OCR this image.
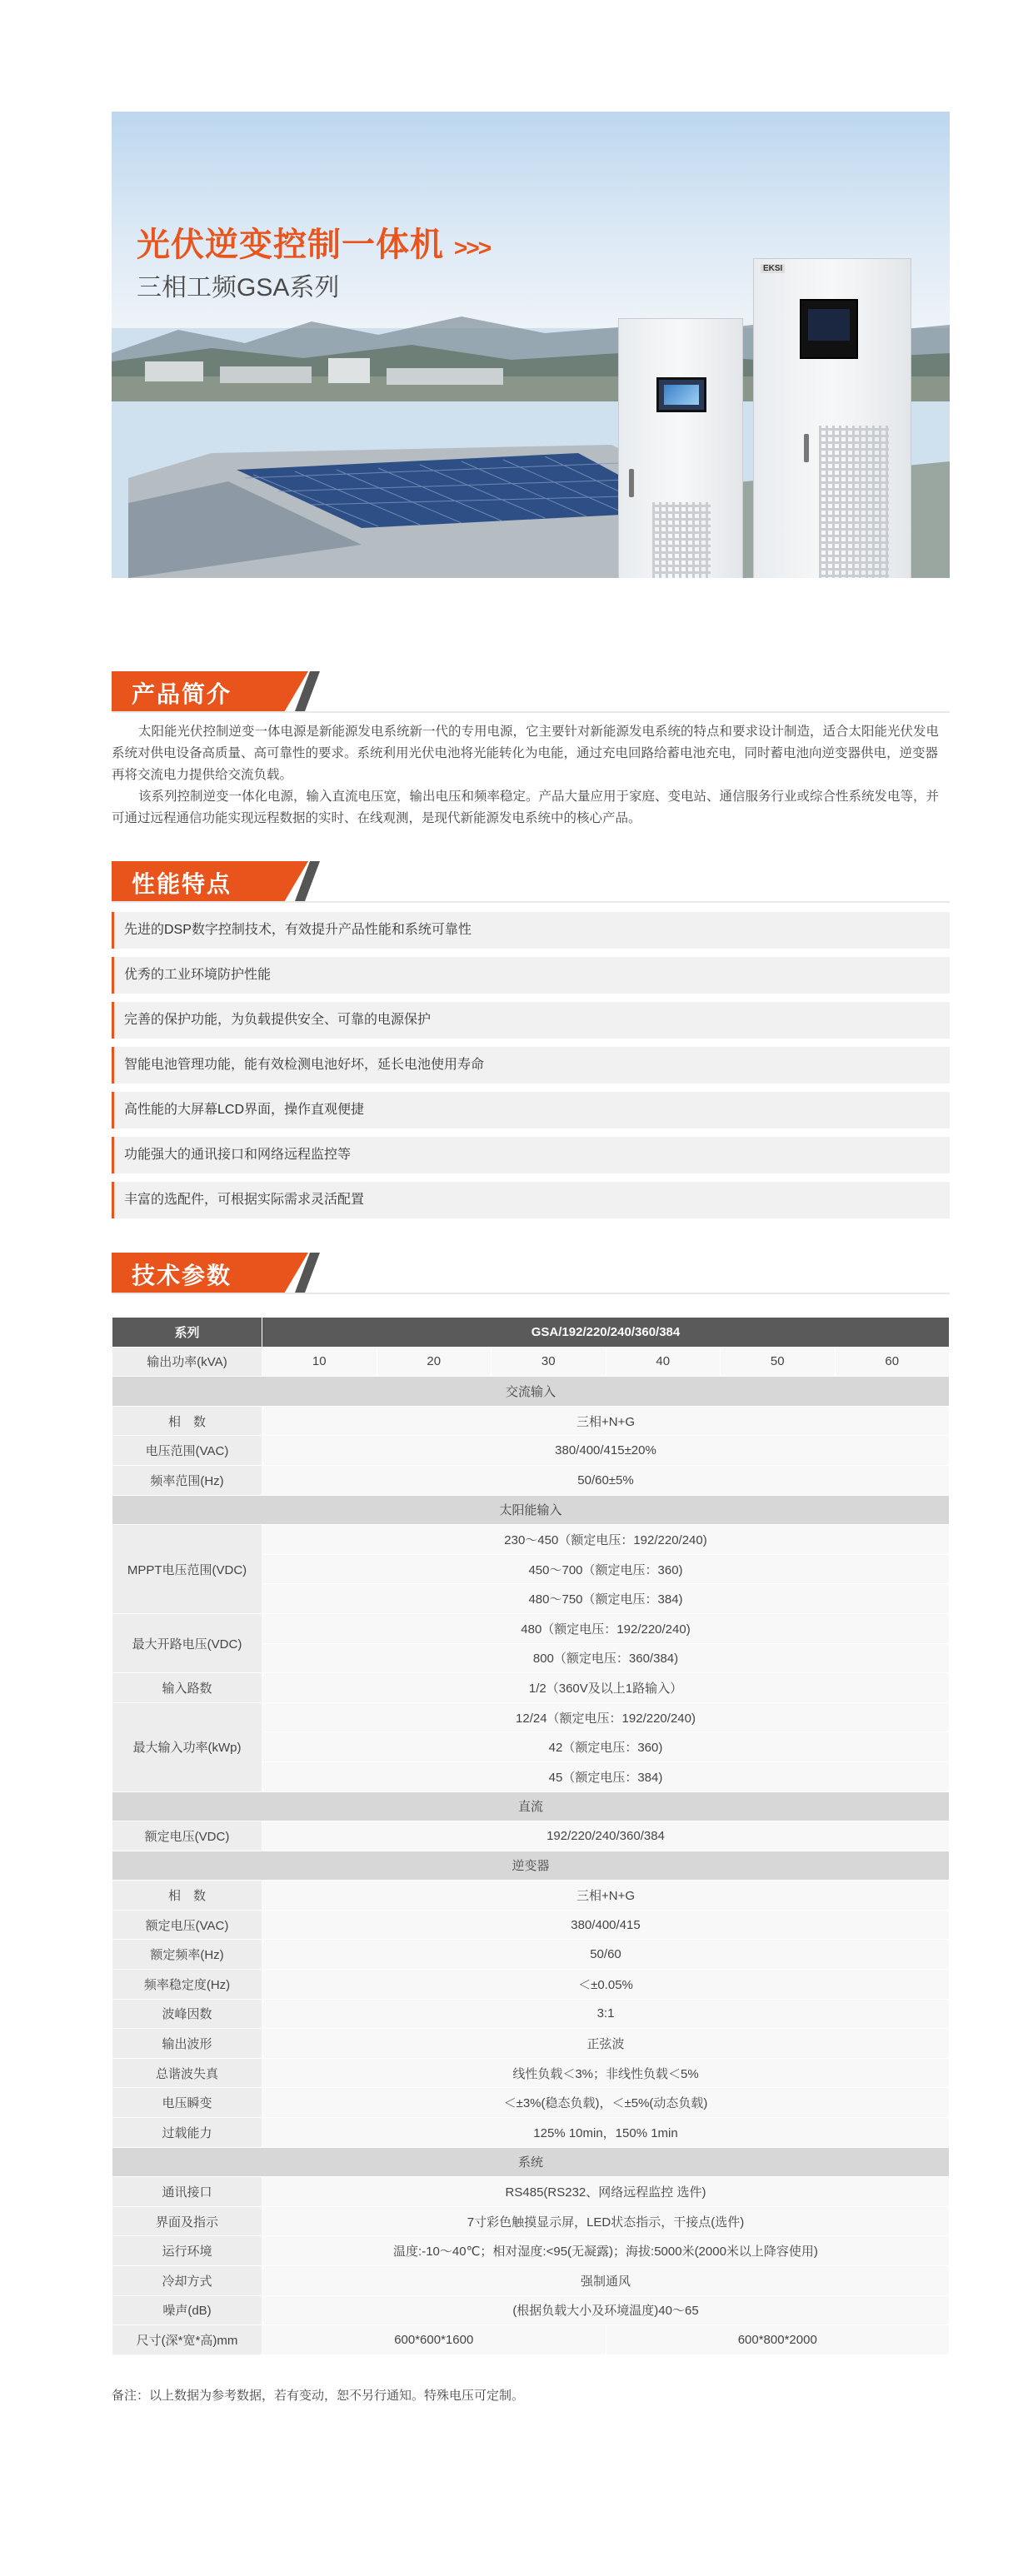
光伏逆变控制一体机 >>>
三相工频GSA系列
EKSI
产品简介

太阳能光伏控制逆变一体电源是新能源发电系统新一代的专用电源，它主要针对新能源发电系统的特点和要求设计制造，适合太阳能光伏发电系统对供电设备高质量、高可靠性的要求。系统利用光伏电池将光能转化为电能，通过充电回路给蓄电池充电，同时蓄电池向逆变器供电，逆变器再将交流电力提供给交流负载。

该系列控制逆变一体化电源，输入直流电压宽，输出电压和频率稳定。产品大量应用于家庭、变电站、通信服务行业或综合性系统发电等，并可通过远程通信功能实现远程数据的实时、在线观测，是现代新能源发电系统中的核心产品。

性能特点
先进的DSP数字控制技术，有效提升产品性能和系统可靠性
优秀的工业环境防护性能
完善的保护功能，为负载提供安全、可靠的电源保护
智能电池管理功能，能有效检测电池好坏，延长电池使用寿命
高性能的大屏幕LCD界面，操作直观便捷
功能强大的通讯接口和网络远程监控等
丰富的选配件，可根据实际需求灵活配置
技术参数
系列	GSA/192/220/240/360/384					
输出功率(kVA)	10	20	30	40	50	60
交流输入						
相　数	三相+N+G					
电压范围(VAC)	380/400/415±20%					
频率范围(Hz)	50/60±5%					
太阳能输入						
MPPT电压范围(VDC)	230～450（额定电压：192/220/240)					
	450～700（额定电压：360)					
	480～750（额定电压：384)					
最大开路电压(VDC)	480（额定电压：192/220/240)					
	800（额定电压：360/384)					
输入路数	1/2（360V及以上1路输入）					
最大输入功率(kWp)	12/24（额定电压：192/220/240)					
	42（额定电压：360)					
	45（额定电压：384)					
直流						
额定电压(VDC)	192/220/240/360/384					
逆变器						
相　数	三相+N+G					
额定电压(VAC)	380/400/415					
额定频率(Hz)	50/60					
频率稳定度(Hz)	＜±0.05%					
波峰因数	3:1					
输出波形	正弦波					
总谐波失真	线性负载＜3%；非线性负载＜5%					
电压瞬变	＜±3%(稳态负载)，＜±5%(动态负载)					
过载能力	125% 10min，150% 1min					
系统						
通讯接口	RS485(RS232、网络远程监控 选件)					
界面及指示	7寸彩色触摸显示屏，LED状态指示，干接点(选件)					
运行环境	温度:-10～40℃；相对湿度:<95(无凝露)；海拔:5000米(2000米以上降容使用)					
冷却方式	强制通风					
噪声(dB)	(根据负载大小及环境温度)40～65					
尺寸(深*宽*高)mm	600*600*1600			600*800*2000		
备注：以上数据为参考数据，若有变动，恕不另行通知。特殊电压可定制。
